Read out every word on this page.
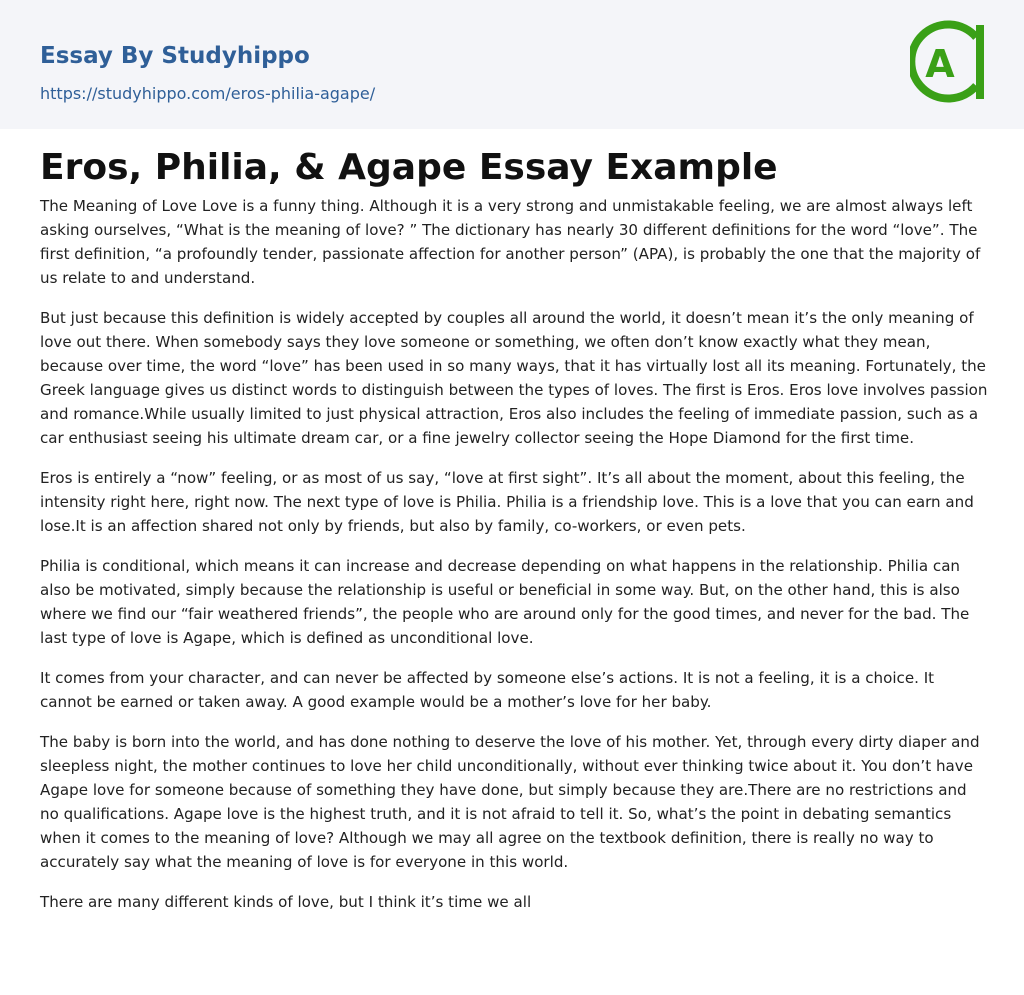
Essay By Studyhippo
https://studyhippo.com/eros-philia-agape/
A
Eros, Philia, & Agape Essay Example

The Meaning of Love Love is a funny thing. Although it is a very strong and unmistakable feeling, we are almost always left asking ourselves, “What is the meaning of love? ” The dictionary has nearly 30 different definitions for the word “love”. The first definition, “a profoundly tender, passionate affection for another person” (APA), is probably the one that the majority of us relate to and understand.

But just because this definition is widely accepted by couples all around the world, it doesn’t mean it’s the only meaning of love out there. When somebody says they love someone or something, we often don’t know exactly what they mean, because over time, the word “love” has been used in so many ways, that it has virtually lost all its meaning. Fortunately, the Greek language gives us distinct words to distinguish between the types of loves. The first is Eros. Eros love involves passion and romance.While usually limited to just physical attraction, Eros also includes the feeling of immediate passion, such as a car enthusiast seeing his ultimate dream car, or a fine jewelry collector seeing the Hope Diamond for the first time.

Eros is entirely a “now” feeling, or as most of us say, “love at first sight”. It’s all about the moment, about this feeling, the intensity right here, right now. The next type of love is Philia. Philia is a friendship love. This is a love that you can earn and lose.It is an affection shared not only by friends, but also by family, co-workers, or even pets.

Philia is conditional, which means it can increase and decrease depending on what happens in the relationship. Philia can also be motivated, simply because the relationship is useful or beneficial in some way. But, on the other hand, this is also where we find our “fair weathered friends”, the people who are around only for the good times, and never for the bad. The last type of love is Agape, which is defined as unconditional love.

It comes from your character, and can never be affected by someone else’s actions. It is not a feeling, it is a choice. It cannot be earned or taken away. A good example would be a mother’s love for her baby.

The baby is born into the world, and has done nothing to deserve the love of his mother. Yet, through every dirty diaper and sleepless night, the mother continues to love her child unconditionally, without ever thinking twice about it. You don’t have Agape love for someone because of something they have done, but simply because they are.There are no restrictions and no qualifications. Agape love is the highest truth, and it is not afraid to tell it. So, what’s the point in debating semantics when it comes to the meaning of love? Although we may all agree on the textbook definition, there is really no way to accurately say what the meaning of love is for everyone in this world.

There are many different kinds of love, but I think it’s time we all
